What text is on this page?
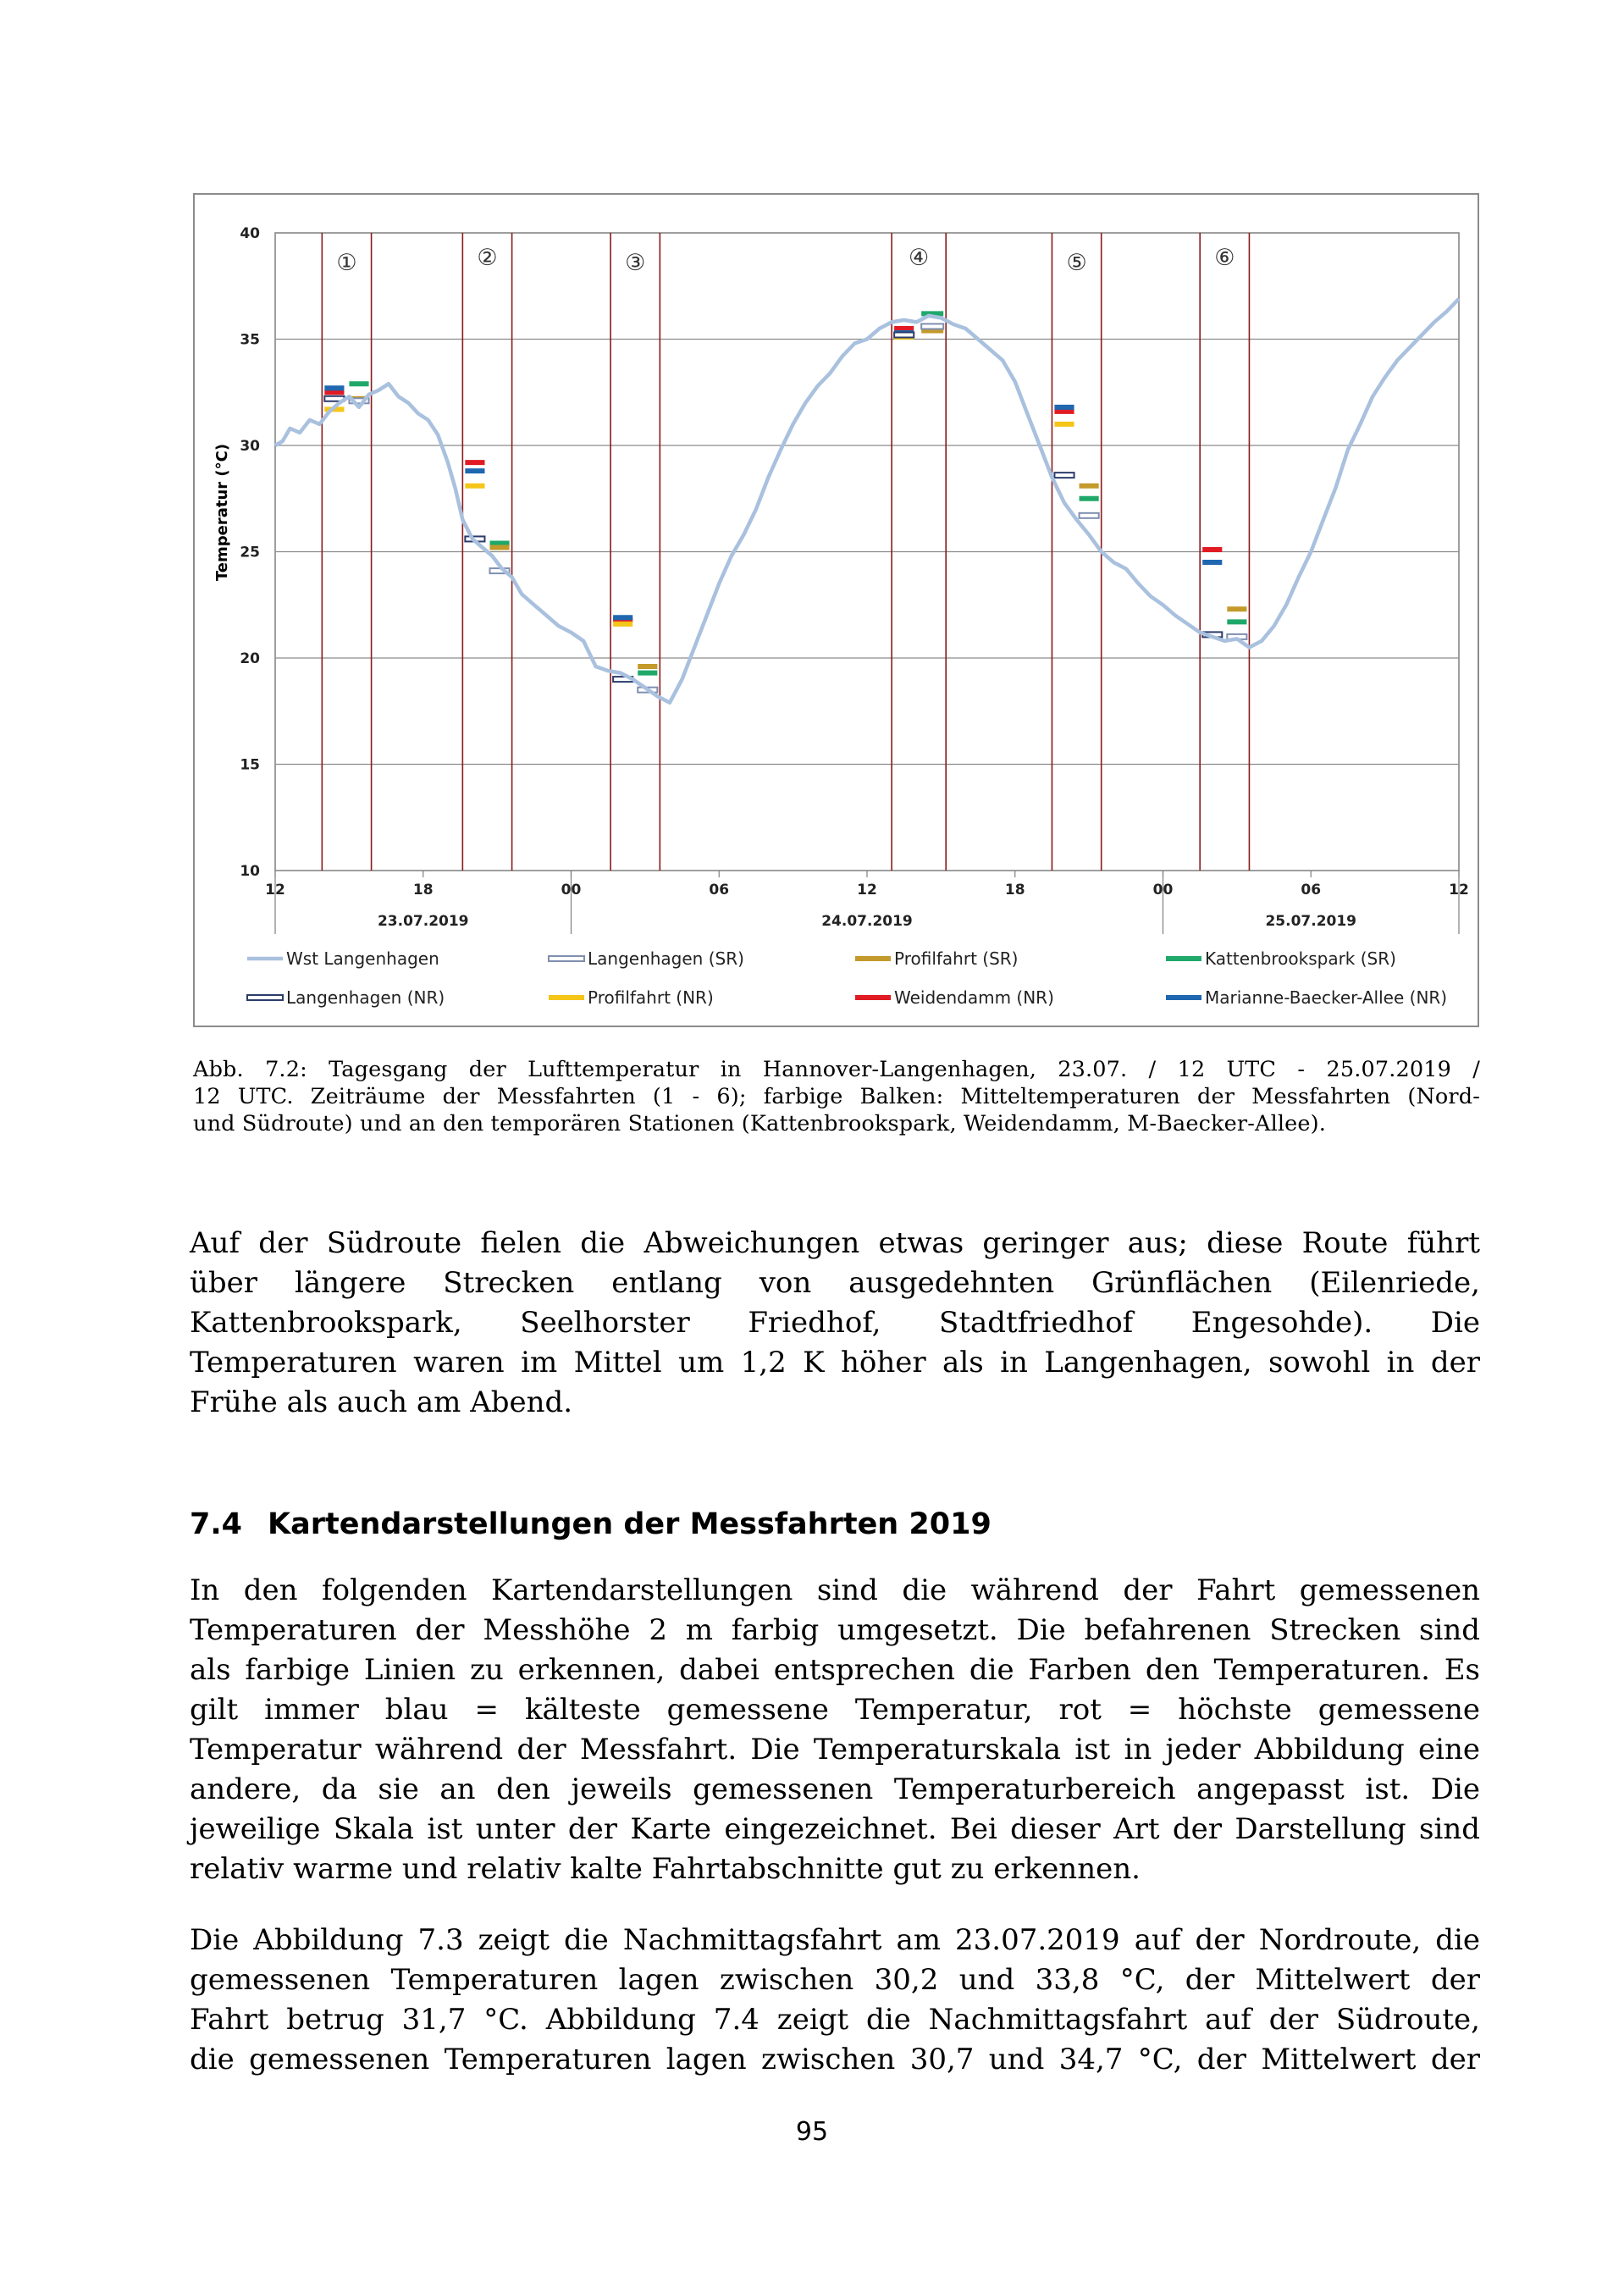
Temperatur (°C)
10
15
20
25
30
35
40
①	②	③	④	⑤	⑥
12	18	00	06	12	18	00	06	12
23.07.2019	24.07.2019	25.07.2019
Wst Langenhagen	Langenhagen (SR)	Profilfahrt (SR)	Kattenbrookspark (SR)
Langenhagen (NR)	Profilfahrt (NR)	Weidendamm (NR)	Marianne-Baecker-Allee (NR)
Abb. 7.2: Tagesgang der Lufttemperatur in Hannover-Langenhagen, 23.07. / 12 UTC - 25.07.2019 /
12 UTC. Zeiträume der Messfahrten (1 - 6); farbige Balken: Mitteltemperaturen der Messfahrten (Nord-
und Südroute) und an den temporären Stationen (Kattenbrookspark, Weidendamm, M-Baecker-Allee).
Auf der Südroute fielen die Abweichungen etwas geringer aus; diese Route führt
über längere Strecken entlang von ausgedehnten Grünflächen (Eilenriede,
Kattenbrookspark, Seelhorster Friedhof, Stadtfriedhof Engesohde). Die
Temperaturen waren im Mittel um 1,2 K höher als in Langenhagen, sowohl in der
Frühe als auch am Abend.
7.4 Kartendarstellungen der Messfahrten 2019
In den folgenden Kartendarstellungen sind die während der Fahrt gemessenen
Temperaturen der Messhöhe 2 m farbig umgesetzt. Die befahrenen Strecken sind
als farbige Linien zu erkennen, dabei entsprechen die Farben den Temperaturen. Es
gilt immer blau = kälteste gemessene Temperatur, rot = höchste gemessene
Temperatur während der Messfahrt. Die Temperaturskala ist in jeder Abbildung eine
andere, da sie an den jeweils gemessenen Temperaturbereich angepasst ist. Die
jeweilige Skala ist unter der Karte eingezeichnet. Bei dieser Art der Darstellung sind
relativ warme und relativ kalte Fahrtabschnitte gut zu erkennen.
Die Abbildung 7.3 zeigt die Nachmittagsfahrt am 23.07.2019 auf der Nordroute, die
gemessenen Temperaturen lagen zwischen 30,2 und 33,8 °C, der Mittelwert der
Fahrt betrug 31,7 °C. Abbildung 7.4 zeigt die Nachmittagsfahrt auf der Südroute,
die gemessenen Temperaturen lagen zwischen 30,7 und 34,7 °C, der Mittelwert der
95
